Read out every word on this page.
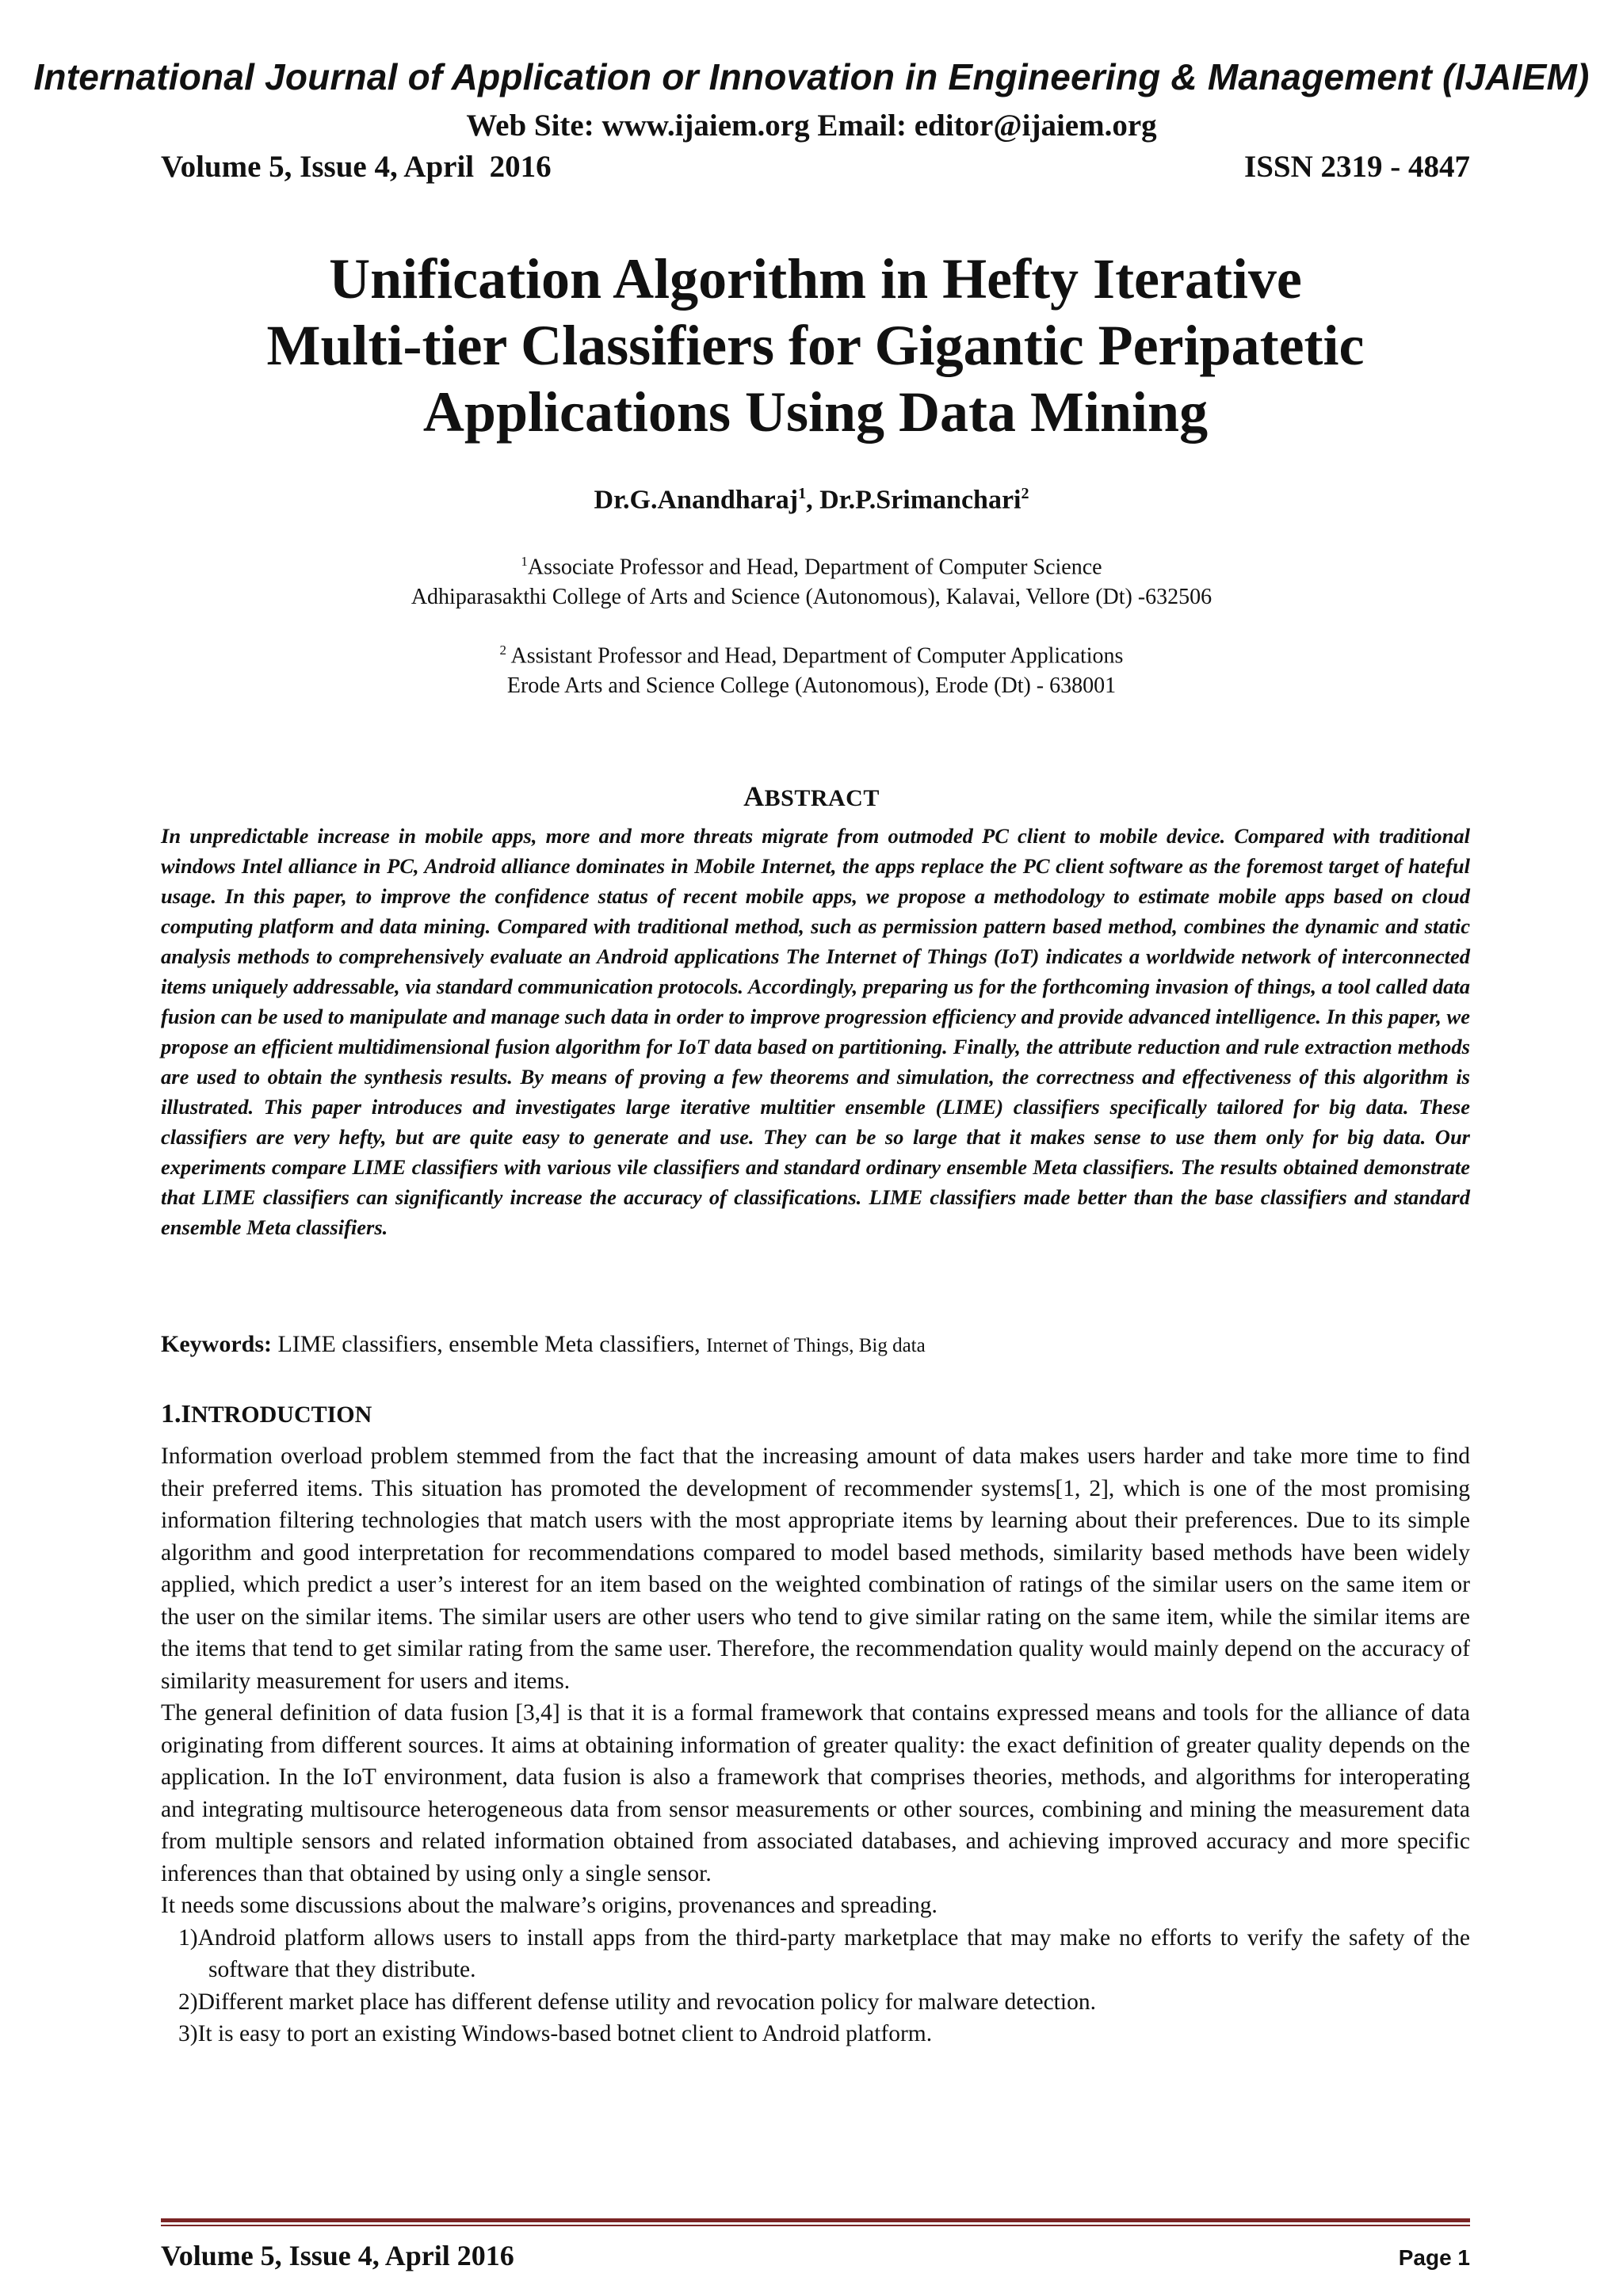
International Journal of Application or Innovation in Engineering & Management (IJAIEM)
Web Site: www.ijaiem.org Email: editor@ijaiem.org
Volume 5, Issue 4, April  2016	ISSN 2319 - 4847
Unification Algorithm in Hefty Iterative
Multi-tier Classifiers for Gigantic Peripatetic
Applications Using Data Mining
Dr.G.Anandharaj$^1$, Dr.P.Srimanchari$^2$
$^1$Associate Professor and Head, Department of Computer Science
Adhiparasakthi College of Arts and Science (Autonomous), Kalavai, Vellore (Dt) -632506
$^2$ Assistant Professor and Head, Department of Computer Applications
Erode Arts and Science College (Autonomous), Erode (Dt) - 638001
ABSTRACT
In unpredictable increase in mobile apps, more and more threats migrate from outmoded PC client to mobile device. Compared with traditional windows Intel alliance in PC, Android alliance dominates in Mobile Internet, the apps replace the PC client software as the foremost target of hateful usage. In this paper, to improve the confidence status of recent mobile apps, we propose a methodology to estimate mobile apps based on cloud computing platform and data mining. Compared with traditional method, such as permission pattern based method, combines the dynamic and static analysis methods to comprehensively evaluate an Android applications The Internet of Things (IoT) indicates a worldwide network of interconnected items uniquely addressable, via standard communication protocols. Accordingly, preparing us for the forthcoming invasion of things, a tool called data fusion can be used to manipulate and manage such data in order to improve progression efficiency and provide advanced intelligence. In this paper, we propose an efficient multidimensional fusion algorithm for IoT data based on partitioning. Finally, the attribute reduction and rule extraction methods are used to obtain the synthesis results. By means of proving a few theorems and simulation, the correctness and effectiveness of this algorithm is illustrated. This paper introduces and investigates large iterative multitier ensemble (LIME) classifiers specifically tailored for big data. These classifiers are very hefty, but are quite easy to generate and use. They can be so large that it makes sense to use them only for big data. Our experiments compare LIME classifiers with various vile classifiers and standard ordinary ensemble Meta classifiers. The results obtained demonstrate that LIME classifiers can significantly increase the accuracy of classifications. LIME classifiers made better than the base classifiers and standard ensemble Meta classifiers.
Keywords: LIME classifiers, ensemble Meta classifiers, Internet of Things, Big data
1.INTRODUCTION

Information overload problem stemmed from the fact that the increasing amount of data makes users harder and take more time to find their preferred items. This situation has promoted the development of recommender systems[1, 2], which is one of the most promising information filtering technologies that match users with the most appropriate items by learning about their preferences. Due to its simple algorithm and good interpretation for recommendations compared to model based methods, similarity based methods have been widely applied, which predict a user’s interest for an item based on the weighted combination of ratings of the similar users on the same item or the user on the similar items. The similar users are other users who tend to give similar rating on the same item, while the similar items are the items that tend to get similar rating from the same user. Therefore, the recommendation quality would mainly depend on the accuracy of similarity measurement for users and items.

The general definition of data fusion [3,4] is that it is a formal framework that contains expressed means and tools for the alliance of data originating from different sources. It aims at obtaining information of greater quality: the exact definition of greater quality depends on the application. In the IoT environment, data fusion is also a framework that comprises theories, methods, and algorithms for interoperating and integrating multisource heterogeneous data from sensor measurements or other sources, combining and mining the measurement data from multiple sensors and related information obtained from associated databases, and achieving improved accuracy and more specific inferences than that obtained by using only a single sensor.

It needs some discussions about the malware’s origins, provenances and spreading.

1)Android platform allows users to install apps from the third-party marketplace that may make no efforts to verify the safety of the software that they distribute.

2)Different market place has different defense utility and revocation policy for malware detection.

3)It is easy to port an existing Windows-based botnet client to Android platform.

Volume 5, Issue 4, April 2016	Page 1
